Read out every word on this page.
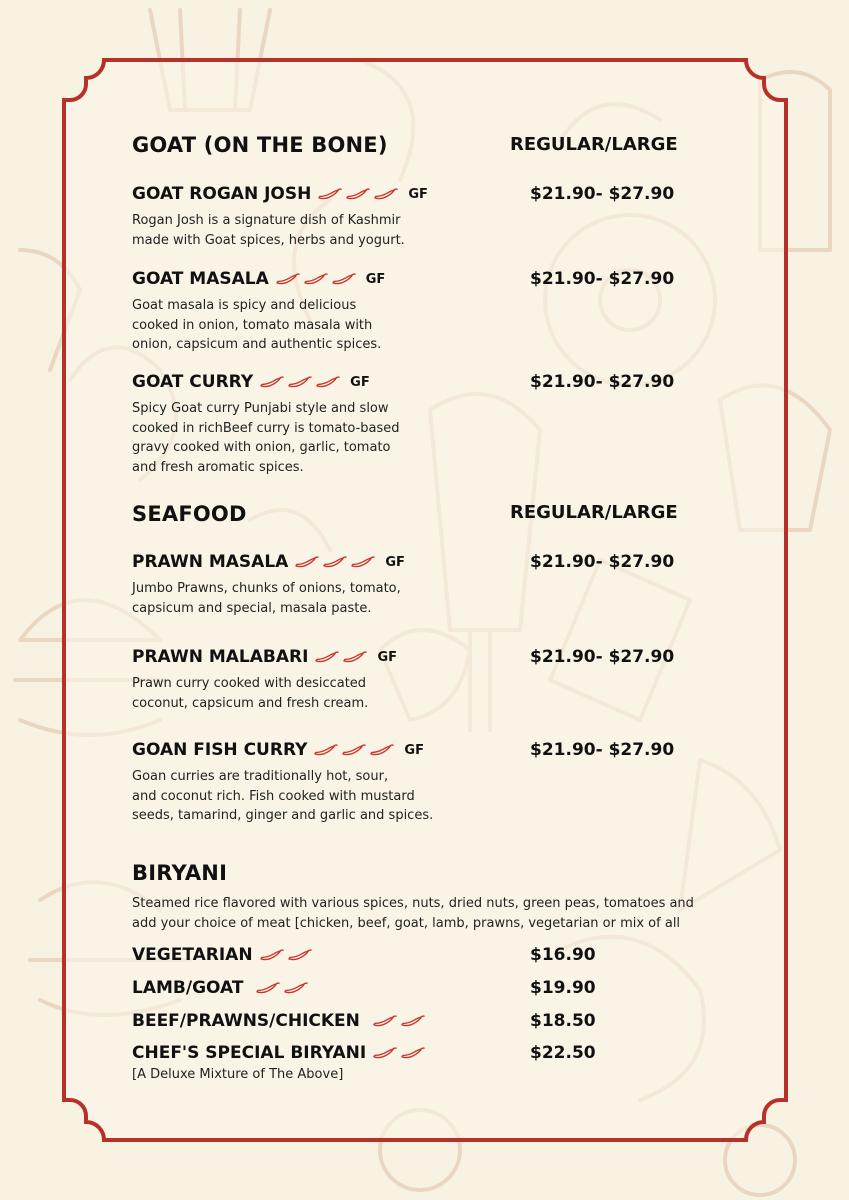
GOAT (ON THE BONE)	REGULAR/LARGE
GOAT ROGAN JOSH	GF	$21.90- $27.90
Rogan Josh is a signature dish of Kashmir
made with Goat spices, herbs and yogurt.
GOAT MASALA	GF	$21.90- $27.90
Goat masala is spicy and delicious
cooked in onion, tomato masala with
onion, capsicum and authentic spices.
GOAT CURRY	GF	$21.90- $27.90
Spicy Goat curry Punjabi style and slow
cooked in richBeef curry is tomato-based
gravy cooked with onion, garlic, tomato
and fresh aromatic spices.
SEAFOOD	REGULAR/LARGE
PRAWN MASALA	GF	$21.90- $27.90
Jumbo Prawns, chunks of onions, tomato,
capsicum and special, masala paste.
PRAWN MALABARI	GF	$21.90- $27.90
Prawn curry cooked with desiccated
coconut, capsicum and fresh cream.
GOAN FISH CURRY	GF	$21.90- $27.90
Goan curries are traditionally hot, sour,
and coconut rich. Fish cooked with mustard
seeds, tamarind, ginger and garlic and spices.
BIRYANI
Steamed rice flavored with various spices, nuts, dried nuts, green peas, tomatoes and
add your choice of meat [chicken, beef, goat, lamb, prawns, vegetarian or mix of all
VEGETARIAN	$16.90
LAMB/GOAT	$19.90
BEEF/PRAWNS/CHICKEN	$18.50
CHEF'S SPECIAL BIRYANI	$22.50
[A Deluxe Mixture of The Above]
